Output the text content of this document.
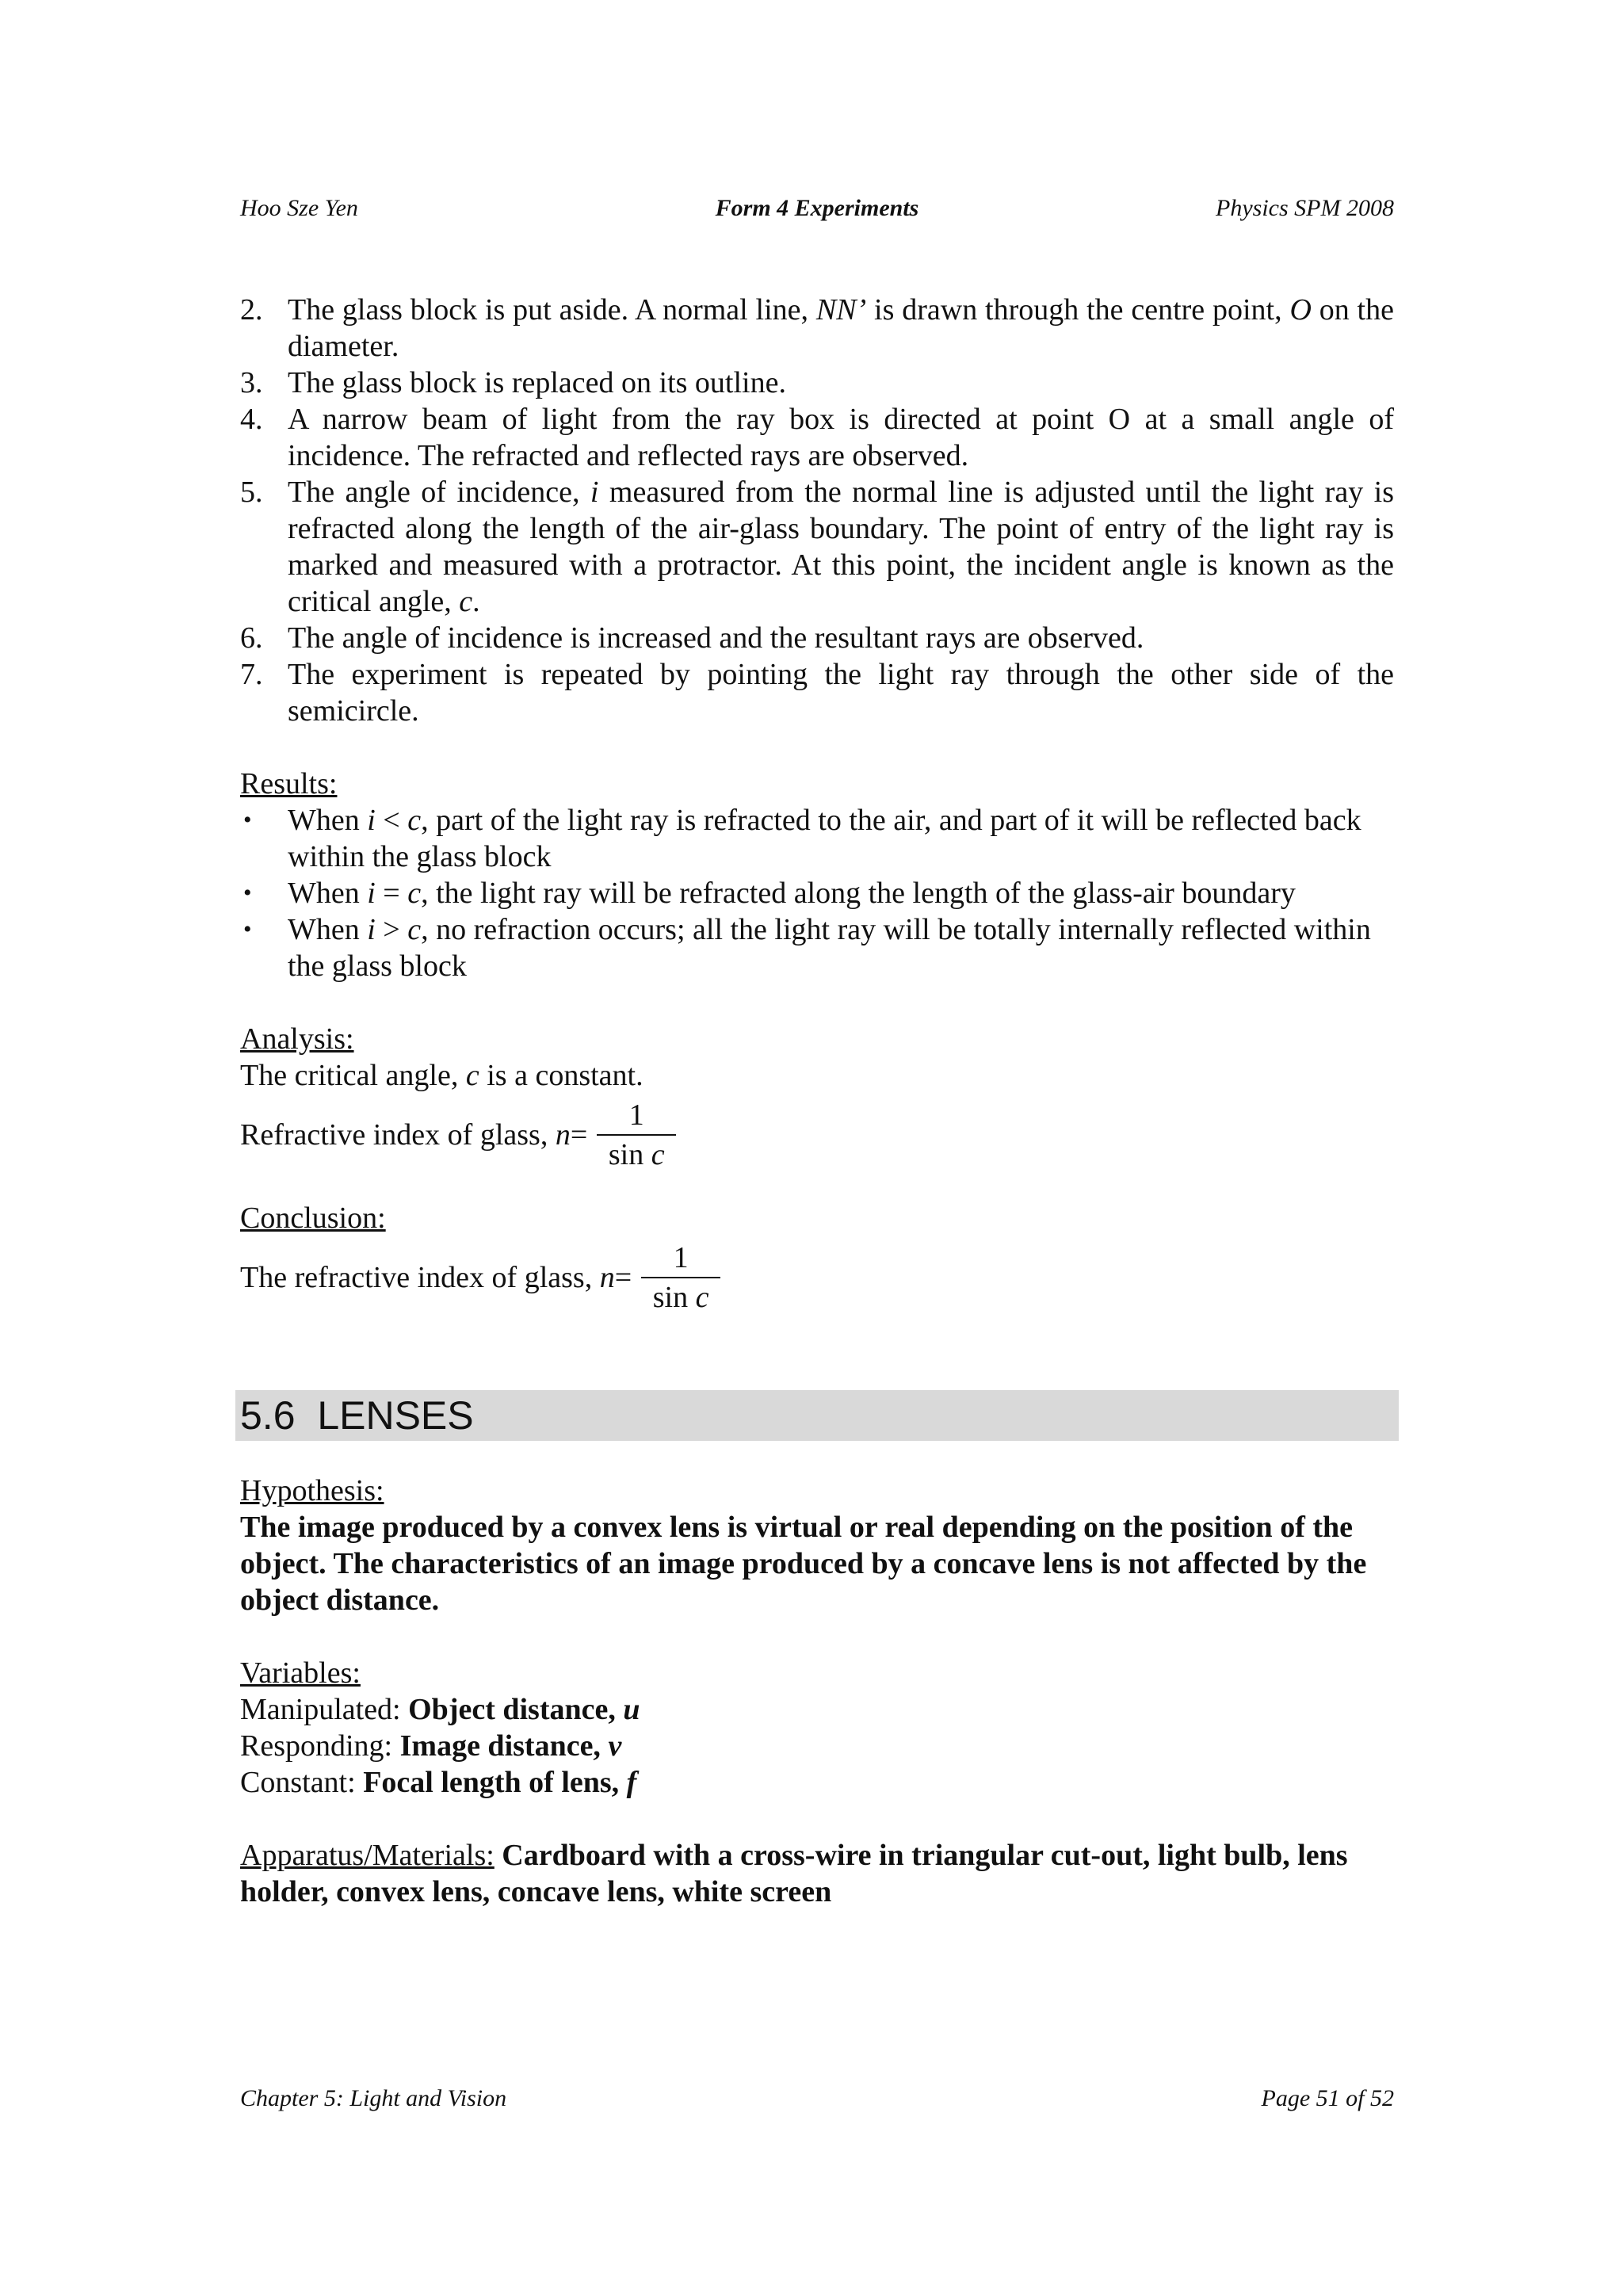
Hoo Sze Yen	Form 4 Experiments	Physics SPM 2008
2. The glass block is put aside. A normal line, NN’ is drawn through the centre point, O on the diameter.
3. The glass block is replaced on its outline.
4. A narrow beam of light from the ray box is directed at point O at a small angle of incidence. The refracted and reflected rays are observed.
5. The angle of incidence, i measured from the normal line is adjusted until the light ray is refracted along the length of the air-glass boundary. The point of entry of the light ray is marked and measured with a protractor. At this point, the incident angle is known as the critical angle, c.
6. The angle of incidence is increased and the resultant rays are observed.
7. The experiment is repeated by pointing the light ray through the other side of the semicircle.
Results:
• When i < c, part of the light ray is refracted to the air, and part of it will be reflected back within the glass block
• When i = c, the light ray will be refracted along the length of the glass-air boundary
• When i > c, no refraction occurs; all the light ray will be totally internally reflected within the glass block
Analysis:
The critical angle, c is a constant.
Refractive index of glass,
$n = \frac{1}{\text{sin c}}$
Conclusion:
The refractive index of glass,
$n = \frac{1}{\text{sin c}}$
5.6 LENSES
Hypothesis:
The image produced by a convex lens is virtual or real depending on the position of the object. The characteristics of an image produced by a concave lens is not affected by the object distance.
Variables:
Manipulated: Object distance, u
Responding: Image distance, v
Constant: Focal length of lens, f
Apparatus/Materials: Cardboard with a cross-wire in triangular cut-out, light bulb, lens holder, convex lens, concave lens, white screen
Chapter 5: Light and Vision	Page 51 of 52
